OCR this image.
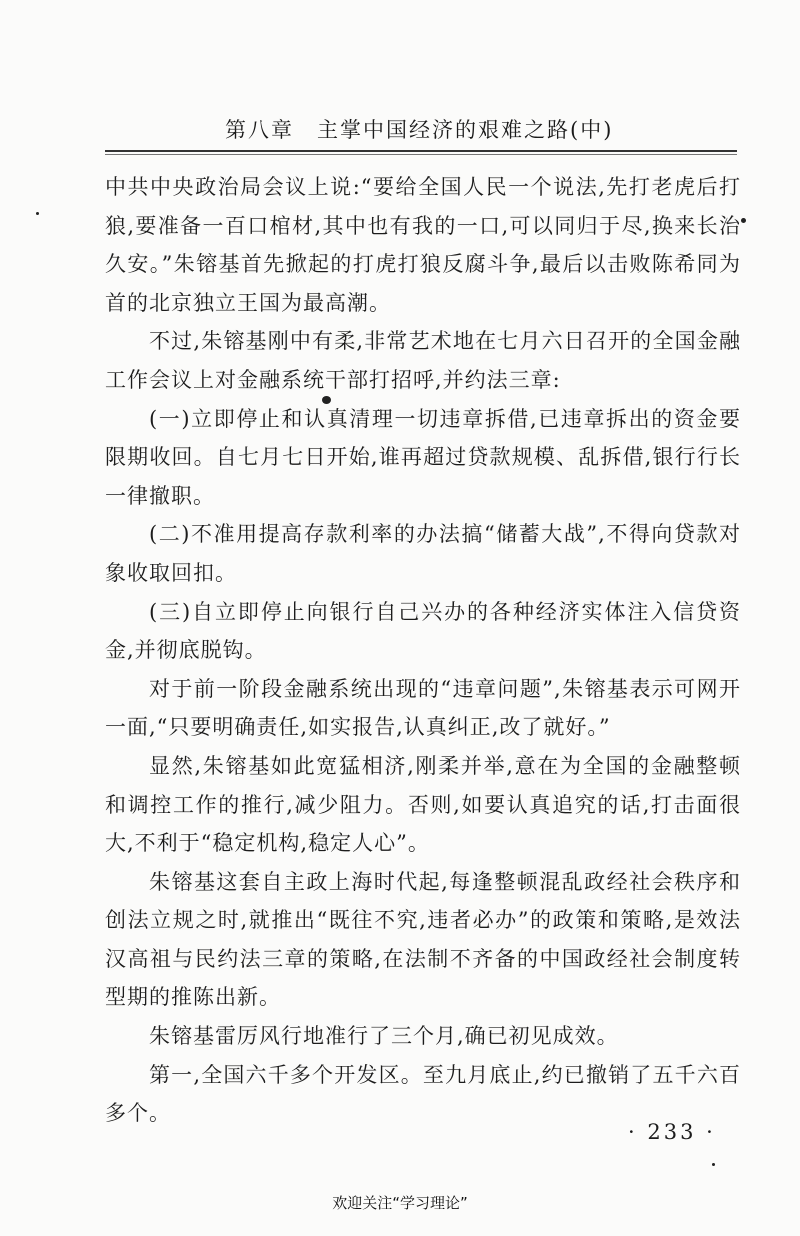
第八章　主掌中国经济的艰难之路(中)

中共中央政治局会议上说:“要给全国人民一个说法,先打老虎后打狼,要准备一百口棺材,其中也有我的一口,可以同归于尽,换来长治久安。”朱镕基首先掀起的打虎打狼反腐斗争,最后以击败陈希同为首的北京独立王国为最高潮。

不过,朱镕基刚中有柔,非常艺术地在七月六日召开的全国金融工作会议上对金融系统干部打招呼,并约法三章:

(一)立即停止和认真清理一切违章拆借,已违章拆出的资金要限期收回。自七月七日开始,谁再超过贷款规模、乱拆借,银行行长一律撤职。

(二)不准用提高存款利率的办法搞“储蓄大战”,不得向贷款对象收取回扣。

(三)自立即停止向银行自己兴办的各种经济实体注入信贷资金,并彻底脱钩。

对于前一阶段金融系统出现的“违章问题”,朱镕基表示可网开一面,“只要明确责任,如实报告,认真纠正,改了就好。”

显然,朱镕基如此宽猛相济,刚柔并举,意在为全国的金融整顿和调控工作的推行,减少阻力。否则,如要认真追究的话,打击面很大,不利于“稳定机构,稳定人心”。

朱镕基这套自主政上海时代起,每逢整顿混乱政经社会秩序和创法立规之时,就推出“既往不究,违者必办”的政策和策略,是效法汉高祖与民约法三章的策略,在法制不齐备的中国政经社会制度转型期的推陈出新。

朱镕基雷厉风行地准行了三个月,确已初见成效。

第一,全国六千多个开发区。至九月底止,约已撤销了五千六百多个。

· 233 ·
欢迎关注“学习理论”
